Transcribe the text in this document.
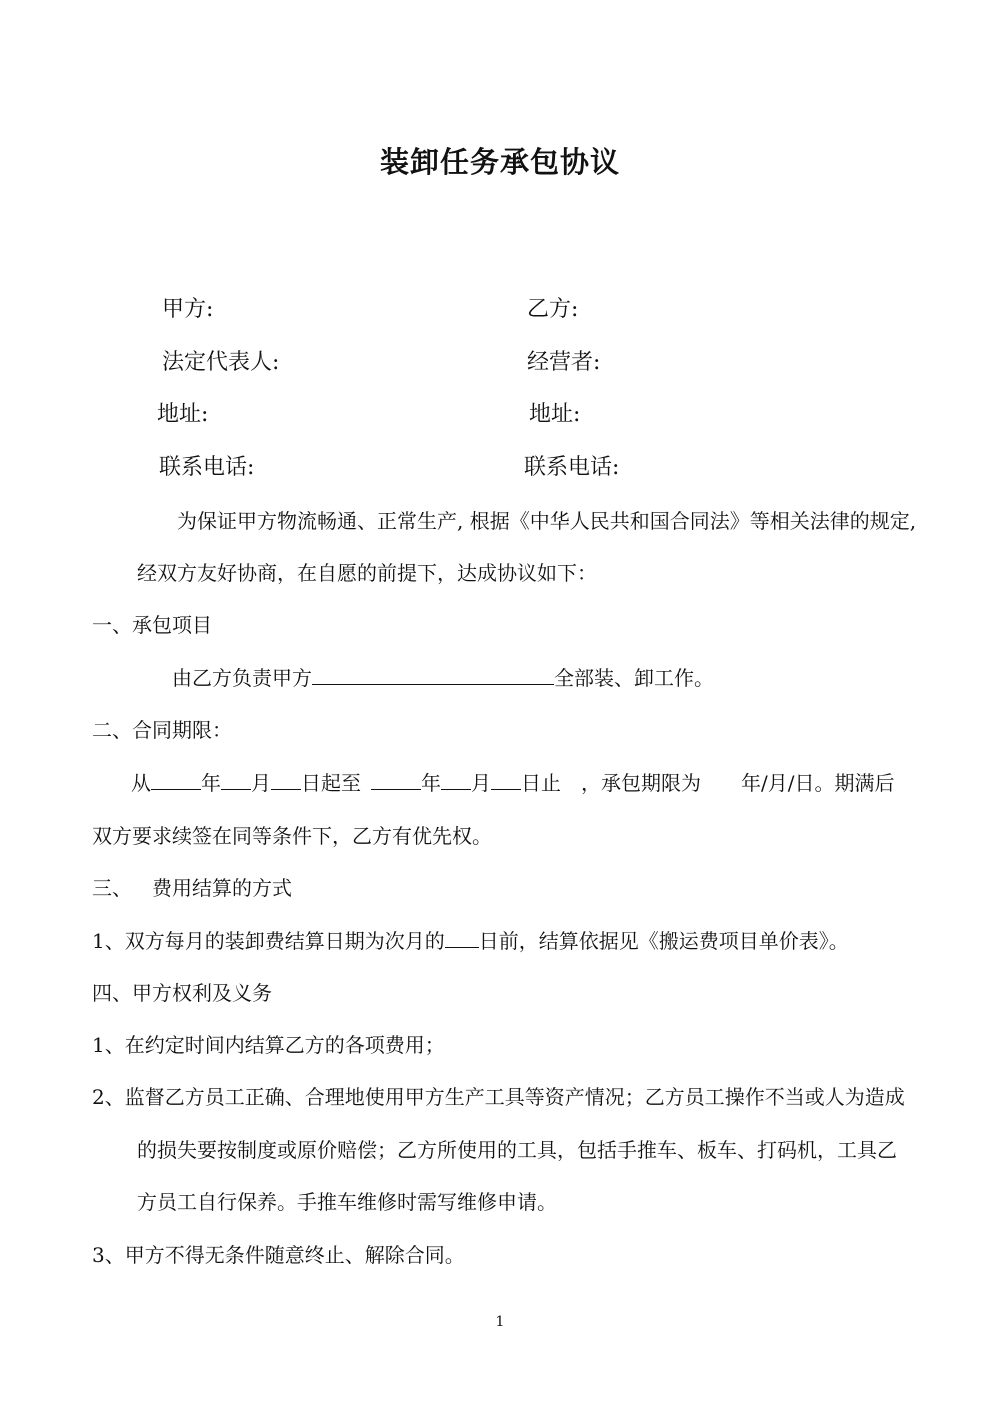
装卸任务承包协议
甲方:	乙方:
法定代表人:	经营者:
地址:	地址:
联系电话:	联系电话:
为保证甲方物流畅通、正常生产, 根据《中华人民共和国合同法》等相关法律的规定,
经双方友好协商，在自愿的前提下，达成协议如下：
一、承包项目
由乙方负责甲方	全部装、卸工作。
二、合同期限：
从	年 月 日起至	年 月 日止 ，承包期限为 年/月/日。期满后
双方要求续签在同等条件下，乙方有优先权。
三、 费用结算的方式
1、双方每月的装卸费结算日期为次月的 日前，结算依据见《搬运费项目单价表》。
四、甲方权利及义务
1、在约定时间内结算乙方的各项费用；
2、监督乙方员工正确、合理地使用甲方生产工具等资产情况；乙方员工操作不当或人为造成
的损失要按制度或原价赔偿；乙方所使用的工具，包括手推车、板车、打码机，工具乙
方员工自行保养。手推车维修时需写维修申请。
3、甲方不得无条件随意终止、解除合同。
1
